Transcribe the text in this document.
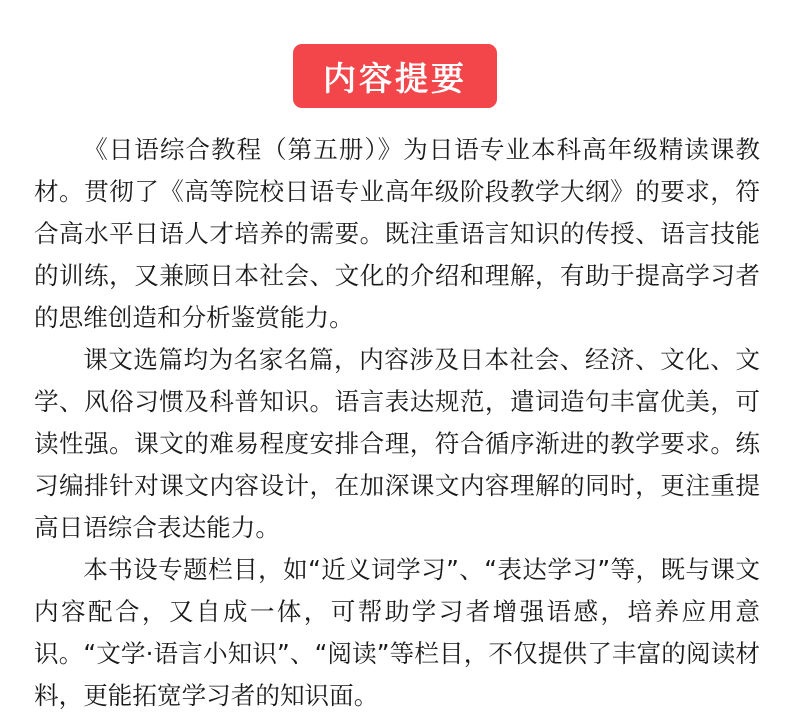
内容提要

《日语综合教程（第五册）》为日语专业本科高年级精读课教材。贯彻了《高等院校日语专业高年级阶段教学大纲》的要求，符合高水平日语人才培养的需要。既注重语言知识的传授、语言技能的训练，又兼顾日本社会、文化的介绍和理解，有助于提高学习者的思维创造和分析鉴赏能力。

课文选篇均为名家名篇，内容涉及日本社会、经济、文化、文学、风俗习惯及科普知识。语言表达规范，遣词造句丰富优美，可读性强。课文的难易程度安排合理，符合循序渐进的教学要求。练习编排针对课文内容设计，在加深课文内容理解的同时，更注重提高日语综合表达能力。

本书设专题栏目，如“近义词学习”、“表达学习”等，既与课文内容配合，又自成一体，可帮助学习者增强语感，培养应用意识。“文学·语言小知识”、“阅读”等栏目，不仅提供了丰富的阅读材料，更能拓宽学习者的知识面。
